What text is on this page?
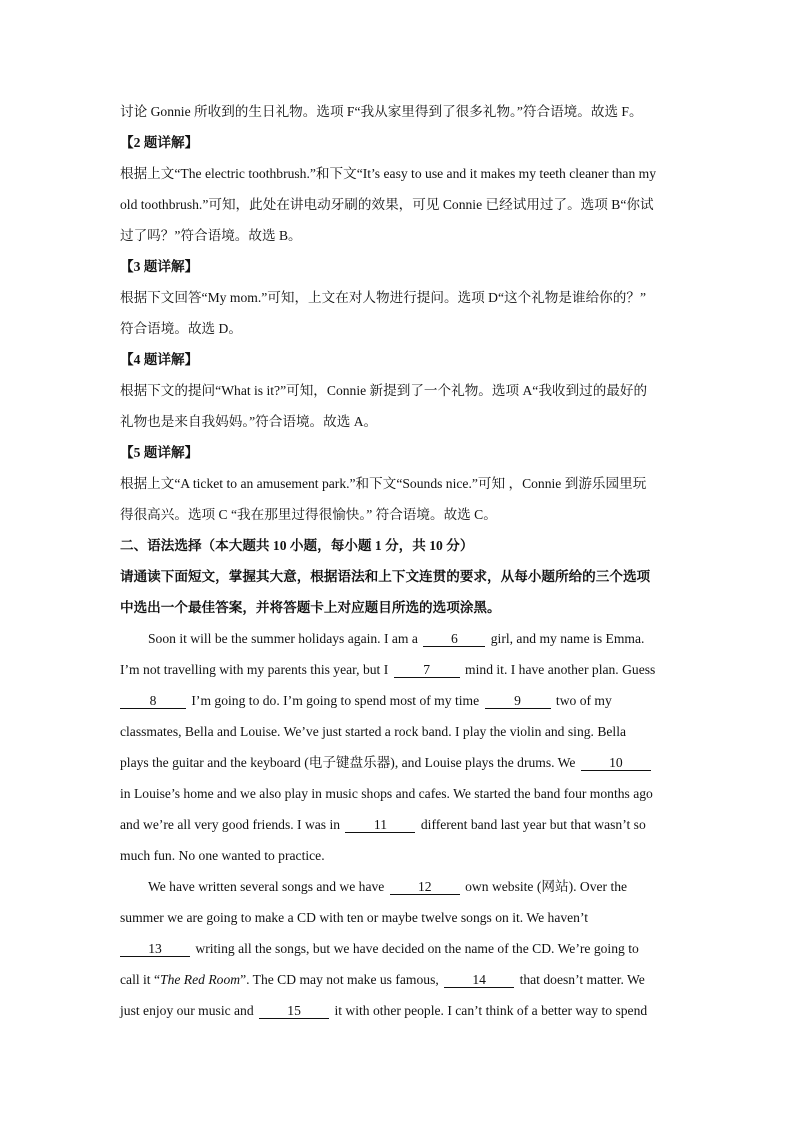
讨论 Gonnie 所收到的生日礼物。选项 F“我从家里得到了很多礼物。”符合语境。故选 F。
【2 题详解】
根据上文“The electric toothbrush.”和下文“It’s easy to use and it makes my teeth cleaner than my
old toothbrush.”可知，此处在讲电动牙刷的效果，可见 Connie 已经试用过了。选项 B“你试
过了吗？”符合语境。故选 B。
【3 题详解】
根据下文回答“My mom.”可知，上文在对人物进行提问。选项 D“这个礼物是谁给你的？”
符合语境。故选 D。
【4 题详解】
根据下文的提问“What is it?”可知，Connie 新提到了一个礼物。选项 A“我收到过的最好的
礼物也是来自我妈妈。”符合语境。故选 A。
【5 题详解】
根据上文“A ticket to an amusement park.”和下文“Sounds nice.”可知 ，Connie 到游乐园里玩
得很高兴。选项 C “我在那里过得很愉快。” 符合语境。故选 C。
二、语法选择（本大题共 10 小题，每小题 1 分，共 10 分）
请通读下面短文，掌握其大意，根据语法和上下文连贯的要求，从每小题所给的三个选项
中选出一个最佳答案，并将答题卡上对应题目所选的选项涂黑。
Soon it will be the summer holidays again. I am a 6 girl, and my name is Emma.
I’m not travelling with my parents this year, but I 7 mind it. I have another plan. Guess
8 I’m going to do. I’m going to spend most of my time 9 two of my
classmates, Bella and Louise. We’ve just started a rock band. I play the violin and sing. Bella
plays the guitar and the keyboard (电子键盘乐器), and Louise plays the drums. We 10
in Louise’s home and we also play in music shops and cafes. We started the band four months ago
and we’re all very good friends. I was in 11 different band last year but that wasn’t so
much fun. No one wanted to practice.
We have written several songs and we have 12 own website (网站). Over the
summer we are going to make a CD with ten or maybe twelve songs on it. We haven’t
13 writing all the songs, but we have decided on the name of the CD. We’re going to
call it “The Red Room”. The CD may not make us famous, 14 that doesn’t matter. We
just enjoy our music and 15 it with other people. I can’t think of a better way to spend
